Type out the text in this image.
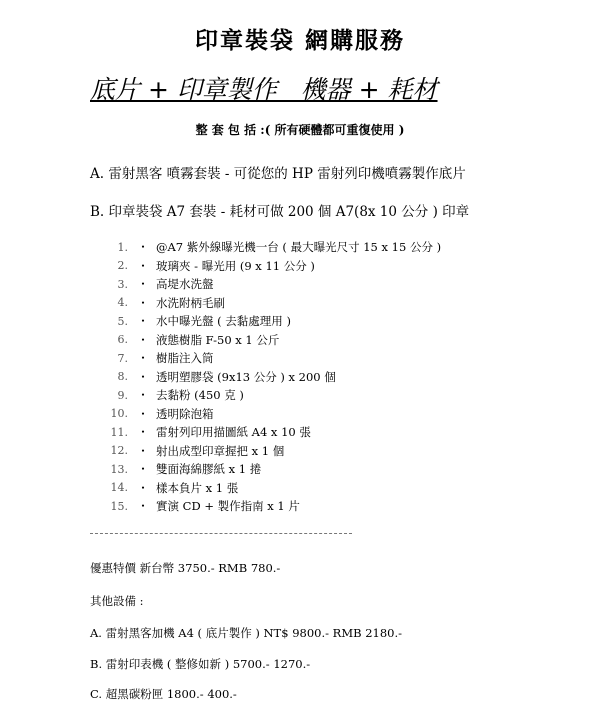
印章裝袋 網購服務
底片 + 印章製作   機器 + 耗材
整 套 包 括 :( 所有硬體都可重復使用 )
A. 雷射黑客 噴霧套裝 - 可從您的 HP 雷射列印機噴霧製作底片
B. 印章裝袋 A7 套裝 - 耗材可做 200 個 A7(8x 10 公分 ) 印章
1. ・ @A7 紫外線曝光機一台 ( 最大曝光尺寸 15 x 15 公分 )
2. ・ 玻璃夾 - 曝光用 (9 x 11 公分 )
3. ・ 高堤水洗盤
4. ・ 水洗附柄毛刷
5. ・ 水中曝光盤 ( 去黏處理用 )
6. ・ 液態樹脂 F-50 x 1 公斤
7. ・ 樹脂注入筒
8. ・ 透明塑膠袋 (9x13 公分 ) x 200 個
9. ・ 去黏粉 (450 克 )
10. ・ 透明除泡箱
11. ・ 雷射列印用描圖紙 A4 x 10 張
12. ・ 射出成型印章握把 x 1 個
13. ・ 雙面海綿膠紙 x 1 捲
14. ・ 樣本負片 x 1 張
15. ・ 實演 CD + 製作指南 x 1 片
優惠特價 新台幣 3750.- RMB 780.-
其他設備 :
A. 雷射黑客加機 A4 ( 底片製作 ) NT$ 9800.- RMB 2180.-
B. 雷射印表機 ( 整修如新 ) 5700.- 1270.-
C. 超黑碳粉匣 1800.- 400.-
